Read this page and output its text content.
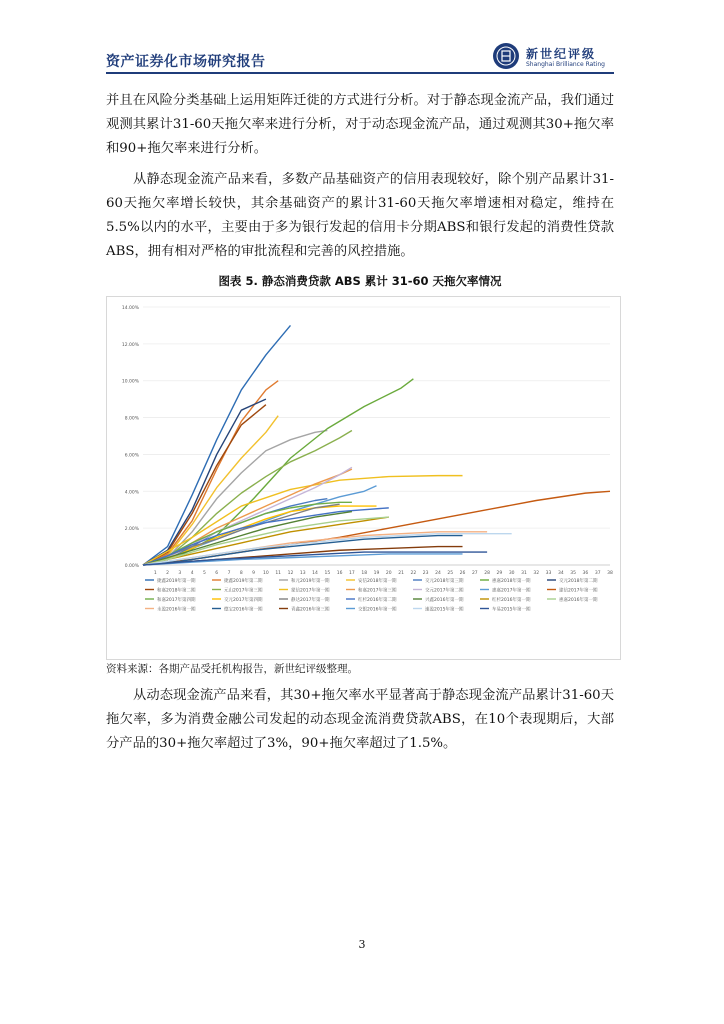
资产证券化市场研究报告	新世纪评级
Shanghai Brilliance Rating
并且在风险分类基础上运用矩阵迁徙的方式进行分析。对于静态现金流产品，我们通过观测其累计31-60天拖欠率来进行分析，对于动态现金流产品，通过观测其30+拖欠率和90+拖欠率来进行分析。
从静态现金流产品来看，多数产品基础资产的信用表现较好，除个别产品累计31-60天拖欠率增长较快，其余基础资产的累计31-60天拖欠率增速相对稳定，维持在5.5%以内的水平，主要由于多为银行发起的信用卡分期ABS和银行发起的消费性贷款ABS，拥有相对严格的审批流程和完善的风控措施。
图表 5. 静态消费贷款 ABS 累计 31-60 天拖欠率情况
0.00%
2.00%
4.00%
6.00%
8.00%
10.00%
12.00%
14.00%
1 2 3 4 5 6 7 8 9 10 11 12 13 14 15 16 17 18 19 20 21 22 23 24 25 26 27 28 29 30 31 32 33 34 35 36 37 38
捷鑫2019年第一期	捷鑫2019年第二期	和元2019年第一期	安信2018年第一期	交元2018年第三期	惠嘉2018年第一期	交元2018年第二期
和嘉2018年第二期	元山2017年第三期	蒙信2017年第一期	和嘉2017年第三期	交元2017年第二期	惠嘉2017年第一期	建信2017年第一期
和嘉2017年第四期	交元2017年第四期	静达2017年第一期	红杉2016年第二期	兴鑫2016年第一期	红杉2016年第一期	惠嘉2016年第一期
永盈2016年第一期	德宝2016年第一期	青鑫2016年第三期	交银2016年第一期	速盈2015年第一期	车易2015年第一期
资料来源：各期产品受托机构报告，新世纪评级整理。
从动态现金流产品来看，其30+拖欠率水平显著高于静态现金流产品累计31-60天拖欠率，多为消费金融公司发起的动态现金流消费贷款ABS，在10个表现期后，大部分产品的30+拖欠率超过了3%，90+拖欠率超过了1.5%。
3
